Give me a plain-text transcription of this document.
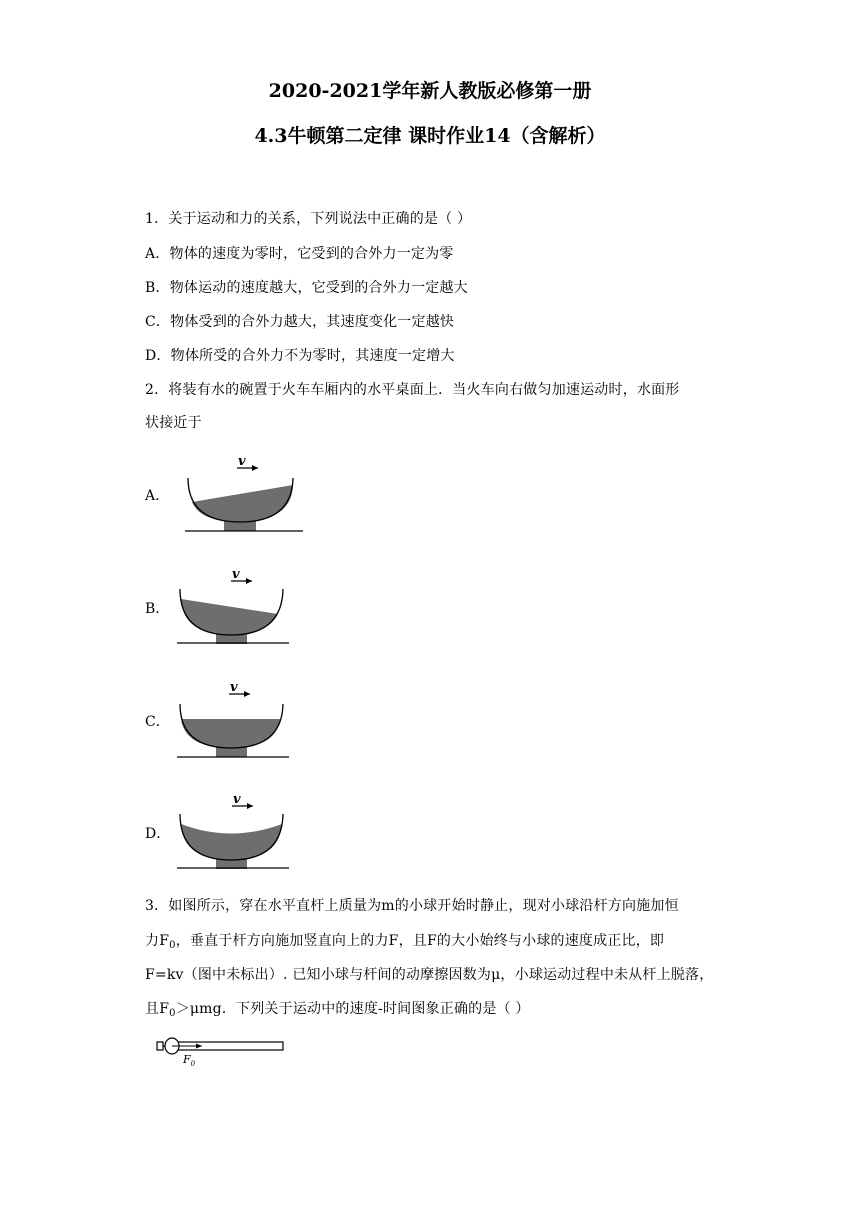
2020-2021学年新人教版必修第一册
4.3牛顿第二定律 课时作业14（含解析）
1．关于运动和力的关系，下列说法中正确的是（ ）
A．物体的速度为零时，它受到的合外力一定为零
B．物体运动的速度越大，它受到的合外力一定越大
C．物体受到的合外力越大，其速度变化一定越快
D．物体所受的合外力不为零时，其速度一定增大
2．将装有水的碗置于火车车厢内的水平桌面上．当火车向右做匀加速运动时，水面形
状接近于
A．
v
B．
v
C．
v
D．
v
3．如图所示，穿在水平直杆上质量为m的小球开始时静止，现对小球沿杆方向施加恒
力$F_0$，垂直于杆方向施加竖直向上的力F，且F的大小始终与小球的速度成正比，即
F=kv（图中未标出）. 已知小球与杆间的动摩擦因数为μ，小球运动过程中未从杆上脱落，
且$F_0>\mu mg$．下列关于运动中的速度-时间图象正确的是（ ）
$F_0$
